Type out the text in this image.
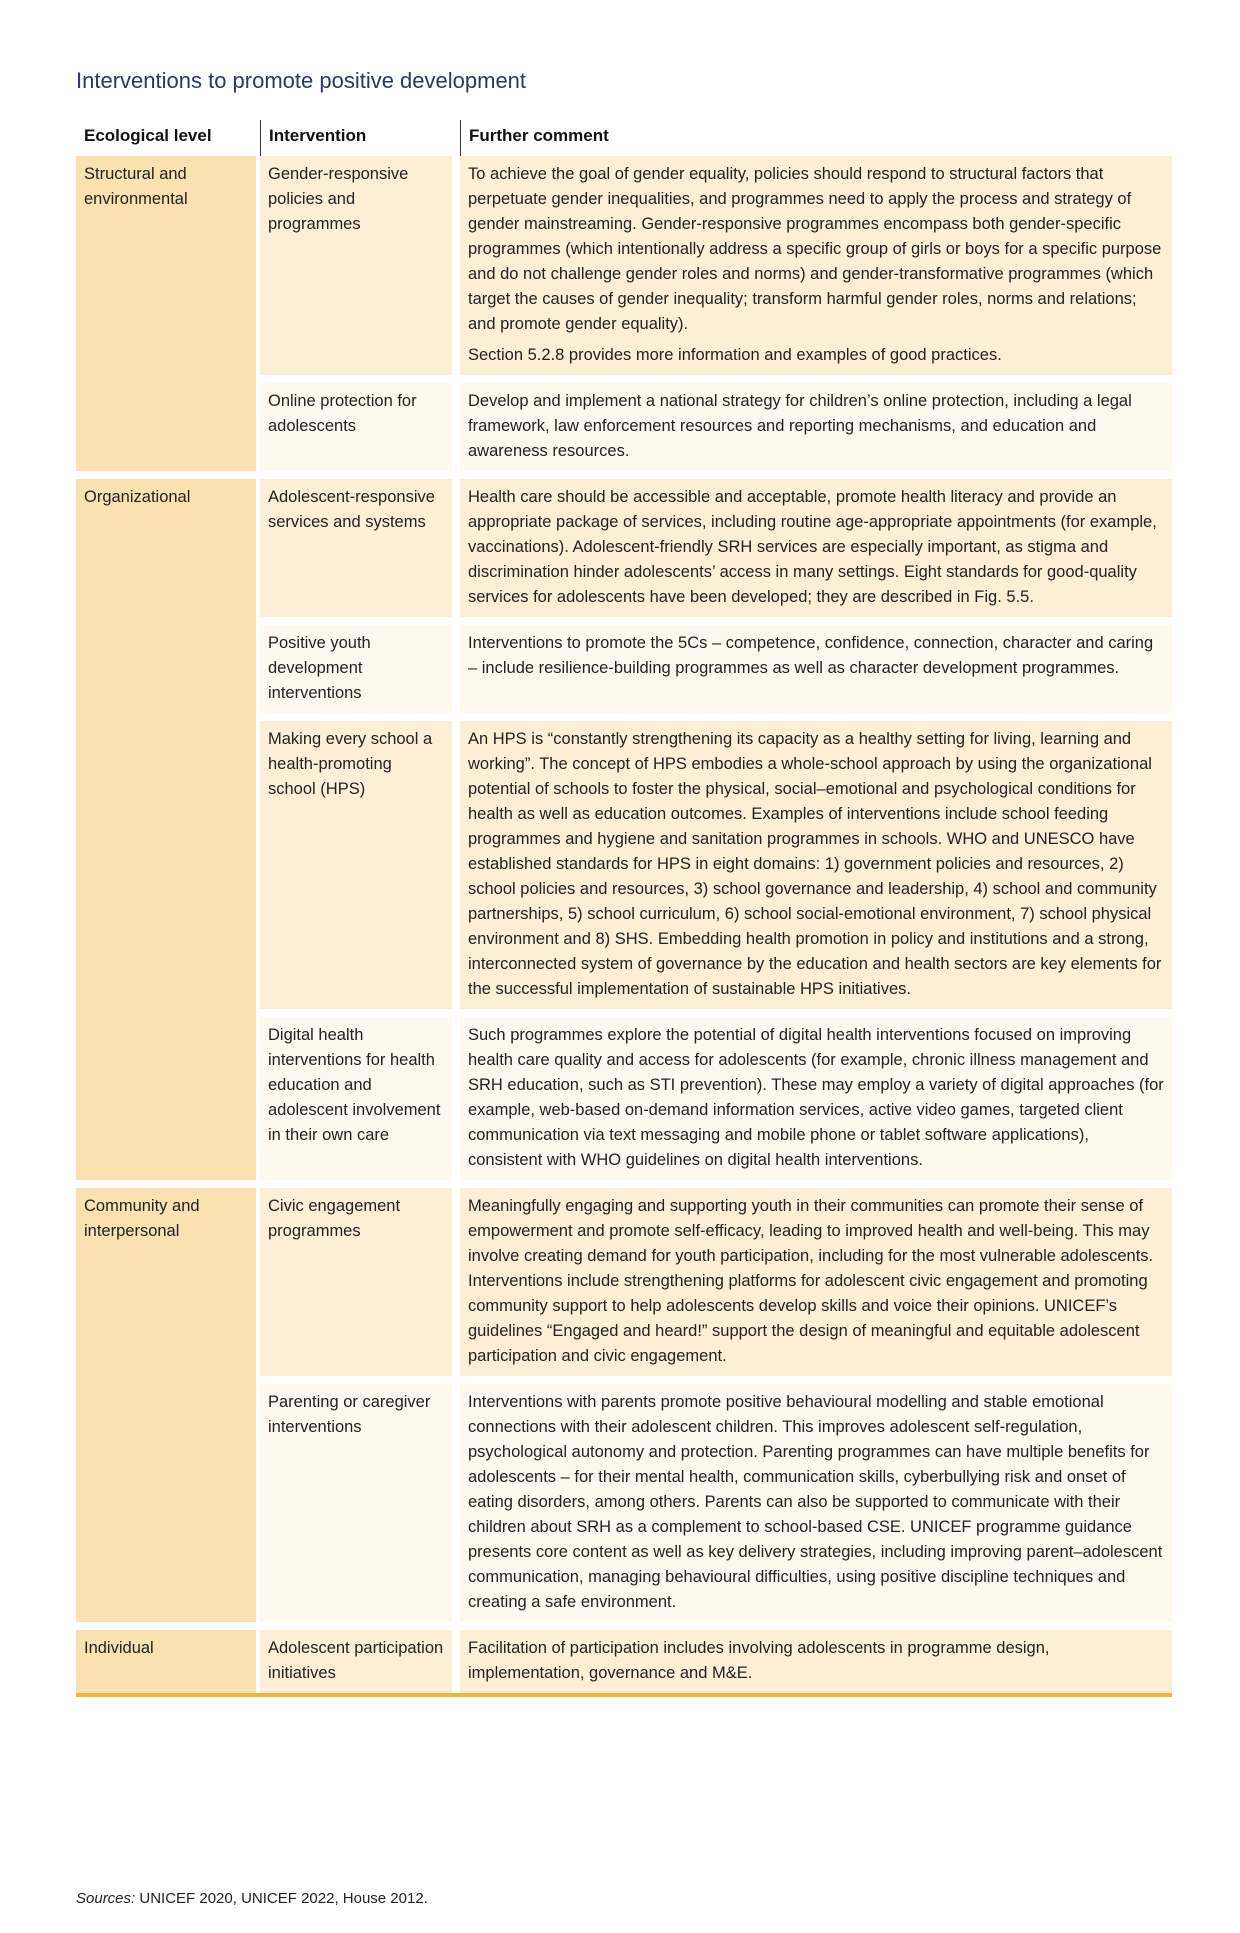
Interventions to promote positive development
Ecological level	Intervention	Further comment
Structural and environmental	Gender-responsive policies and programmes	To achieve the goal of gender equality, policies should respond to structural factors that perpetuate gender inequalities, and programmes need to apply the process and strategy of gender mainstreaming. Gender-responsive programmes encompass both gender-specific programmes (which intentionally address a specific group of girls or boys for a specific purpose and do not challenge gender roles and norms) and gender-transformative programmes (which target the causes of gender inequality; transform harmful gender roles, norms and relations; and promote gender equality).

Section 5.2.8 provides more information and examples of good practices.

	Online protection for adolescents	Develop and implement a national strategy for children’s online protection, including a legal framework, law enforcement resources and reporting mechanisms, and education and awareness resources.

Organizational	Adolescent-responsive services and systems	Health care should be accessible and acceptable, promote health literacy and provide an appropriate package of services, including routine age-appropriate appointments (for example, vaccinations). Adolescent-friendly SRH services are especially important, as stigma and discrimination hinder adolescents’ access in many settings. Eight standards for good-quality services for adolescents have been developed; they are described in Fig. 5.5.

	Positive youth development interventions	Interventions to promote the 5Cs – competence, confidence, connection, character and caring – include resilience-building programmes as well as character development programmes.

	Making every school a health-promoting school (HPS)	An HPS is “constantly strengthening its capacity as a healthy setting for living, learning and working”. The concept of HPS embodies a whole-school approach by using the organizational potential of schools to foster the physical, social–emotional and psychological conditions for health as well as education outcomes. Examples of interventions include school feeding programmes and hygiene and sanitation programmes in schools. WHO and UNESCO have established standards for HPS in eight domains: 1) government policies and resources, 2) school policies and resources, 3) school governance and leadership, 4) school and community partnerships, 5) school curriculum, 6) school social-emotional environment, 7) school physical environment and 8) SHS. Embedding health promotion in policy and institutions and a strong, interconnected system of governance by the education and health sectors are key elements for the successful implementation of sustainable HPS initiatives.

	Digital health interventions for health education and adolescent involvement in their own care	Such programmes explore the potential of digital health interventions focused on improving health care quality and access for adolescents (for example, chronic illness management and SRH education, such as STI prevention). These may employ a variety of digital approaches (for example, web-based on-demand information services, active video games, targeted client communication via text messaging and mobile phone or tablet software applications), consistent with WHO guidelines on digital health interventions.

Community and interpersonal	Civic engagement programmes	Meaningfully engaging and supporting youth in their communities can promote their sense of empowerment and promote self-efficacy, leading to improved health and well-being. This may involve creating demand for youth participation, including for the most vulnerable adolescents. Interventions include strengthening platforms for adolescent civic engagement and promoting community support to help adolescents develop skills and voice their opinions. UNICEF’s guidelines “Engaged and heard!” support the design of meaningful and equitable adolescent participation and civic engagement.

	Parenting or caregiver interventions	Interventions with parents promote positive behavioural modelling and stable emotional connections with their adolescent children. This improves adolescent self-regulation, psychological autonomy and protection. Parenting programmes can have multiple benefits for adolescents – for their mental health, communication skills, cyberbullying risk and onset of eating disorders, among others. Parents can also be supported to communicate with their children about SRH as a complement to school-based CSE. UNICEF programme guidance presents core content as well as key delivery strategies, including improving parent–adolescent communication, managing behavioural difficulties, using positive discipline techniques and creating a safe environment.

Individual	Adolescent participation initiatives	Facilitation of participation includes involving adolescents in programme design, implementation, governance and M&E.

Sources: UNICEF 2020, UNICEF 2022, House 2012.
